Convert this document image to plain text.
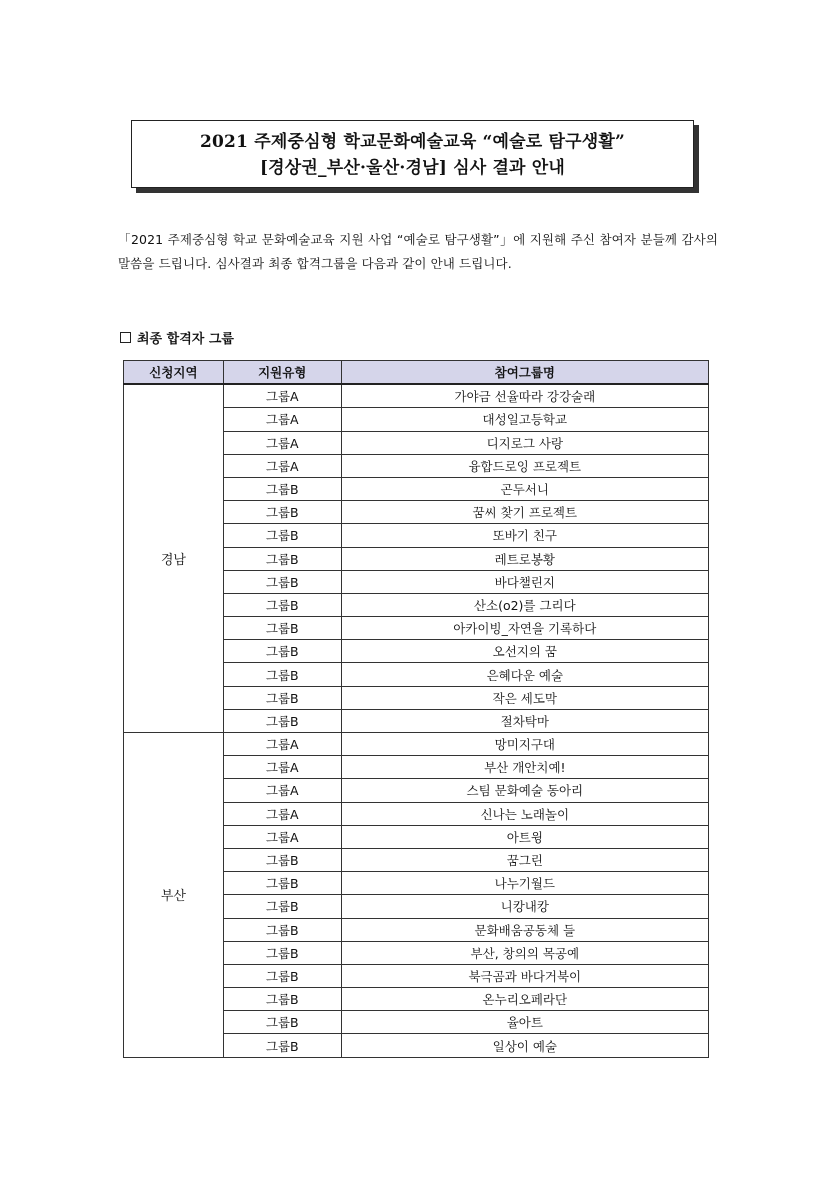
2021 주제중심형 학교문화예술교육 “예술로 탐구생활”
[경상권_부산·울산·경남] 심사 결과 안내
「2021 주제중심형 학교 문화예술교육 지원 사업 “예술로 탐구생활”」에 지원해 주신 참여자 분들께 감사의 말씀을 드립니다. 심사결과 최종 합격그룹을 다음과 같이 안내 드립니다.
최종 합격자 그룹
신청지역	지원유형	참여그룹명
경남	그룹A	가야금 선율따라 강강술래
	그룹A	대성일고등학교
	그룹A	디지로그 사랑
	그룹A	융합드로잉 프로젝트
	그룹B	곤두서니
	그룹B	꿈씨 찾기 프로젝트
	그룹B	또바기 친구
	그룹B	레트로봉황
	그룹B	바다챌린지
	그룹B	산소(o2)를 그리다
	그룹B	아카이빙_자연을 기록하다
	그룹B	오선지의 꿈
	그룹B	은혜다운 예술
	그룹B	작은 세도막
	그룹B	절차탁마
부산	그룹A	망미지구대
	그룹A	부산 개안치예!
	그룹A	스팀 문화예술 동아리
	그룹A	신나는 노래놀이
	그룹A	아트윙
	그룹B	꿈그린
	그룹B	나누기월드
	그룹B	니캉내캉
	그룹B	문화배움공동체 들
	그룹B	부산, 창의의 목공예
	그룹B	북극곰과 바다거북이
	그룹B	온누리오페라단
	그룹B	율아트
	그룹B	일상이 예술
